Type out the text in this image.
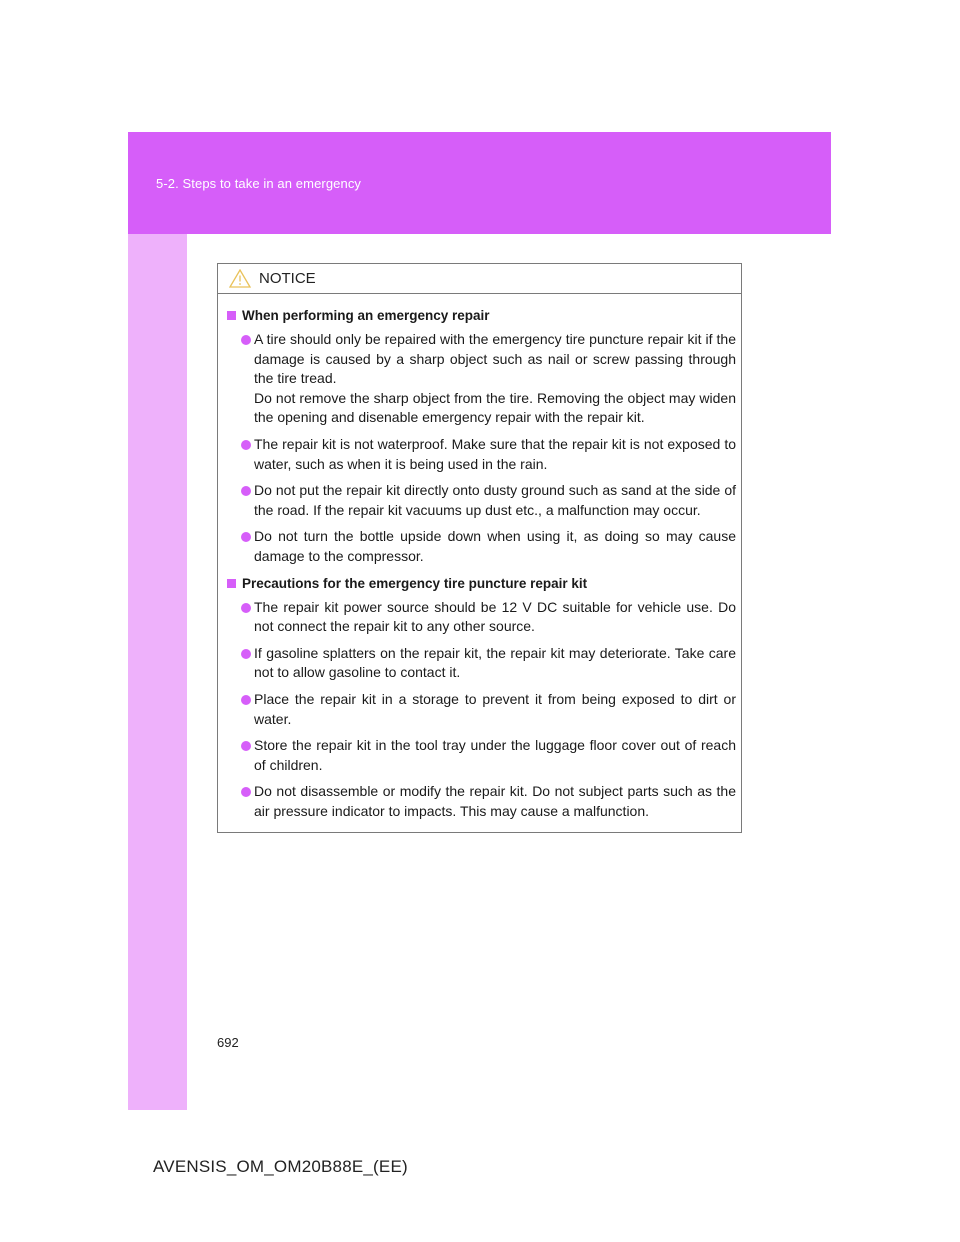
5-2. Steps to take in an emergency
692
NOTICE
When performing an emergency repair
A tire should only be repaired with the emergency tire puncture repair kit if the damage is caused by a sharp object such as nail or screw passing through the tire tread.
Do not remove the sharp object from the tire. Removing the object may widen the opening and disenable emergency repair with the repair kit.
The repair kit is not waterproof. Make sure that the repair kit is not exposed to water, such as when it is being used in the rain.
Do not put the repair kit directly onto dusty ground such as sand at the side of the road. If the repair kit vacuums up dust etc., a malfunction may occur.
Do not turn the bottle upside down when using it, as doing so may cause damage to the compressor.
Precautions for the emergency tire puncture repair kit
The repair kit power source should be 12 V DC suitable for vehicle use. Do not connect the repair kit to any other source.
If gasoline splatters on the repair kit, the repair kit may deteriorate. Take care not to allow gasoline to contact it.
Place the repair kit in a storage to prevent it from being exposed to dirt or water.
Store the repair kit in the tool tray under the luggage floor cover out of reach of children.
Do not disassemble or modify the repair kit. Do not subject parts such as the air pressure indicator to impacts. This may cause a malfunction.
AVENSIS_OM_OM20B88E_(EE)
